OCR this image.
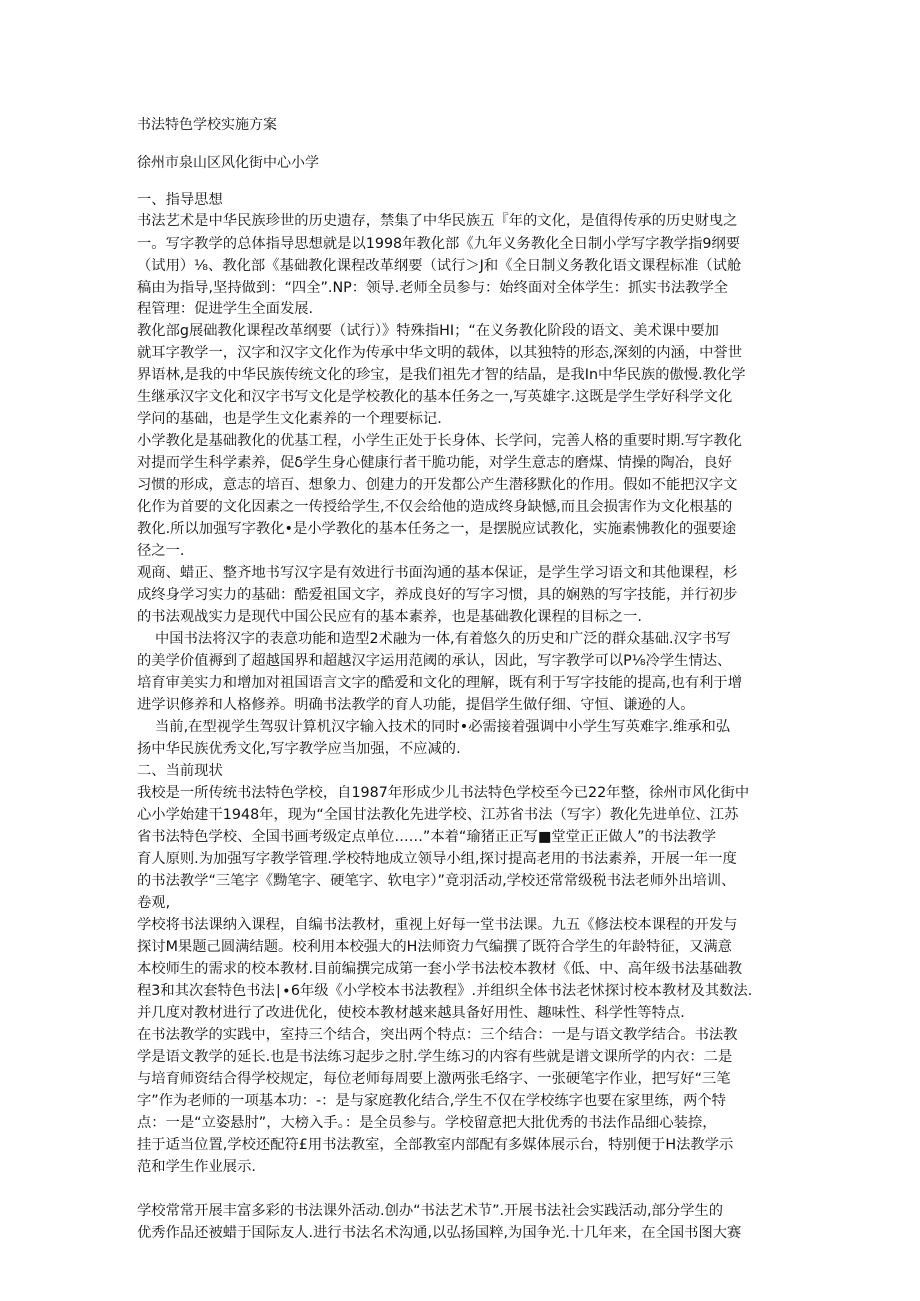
书法特色学校实施方案
徐州市泉山区风化街中心小学
一、指导思想
书法艺术是中华民族珍世的历史遗存，禁集了中华民族五『年的文化，是值得传承的历史财曳之
一。写字教学的总体指导思想就是以1998年教化部《九年义务教化全日制小学写字教学指9纲要
（试用）⅛、教化部《基础教化课程改革纲要（试行＞J和《全日制义务教化语文课程标准（试舱
稿由为指导,坚持做到：“四全”.NP：领导.老师全员参与：始终面对全体学生：抓实书法教学全
程管理：促进学生全面发展.
教化部g展础教化课程改革纲要（试行）》特殊指HI；“在义务教化阶段的语文、美术课中要加
就耳字教学一，汉字和汉字文化作为传承中华文明的载体，以其独特的形态,深刻的内涵，中誉世
界语林,是我的中华民族传统文化的珍宝，是我们祖先才智的结晶，是我In中华民族的傲慢.教化学
生继承汉字文化和汉字书写文化是学校教化的基本任务之一,写英雄字.这既是学生学好科学文化
学问的基础，也是学生文化素养的一个理要标记.
小学教化是基础教化的优基工程，小学生正处于长身体、长学问，完善人格的重要时期.写字教化
对提而学生科学素养，促δ学生身心健康行者干脆功能，对学生意志的磨煤、情操的陶冶，良好
习惯的形成，意志的培百、想象力、创建力的开发都公产生潜移默化的作用。假如不能把汉字文
化作为首要的文化因素之一传授给学生,不仅会给他的造成终身缺憾,而且会损害作为文化根基的
教化.所以加强写字教化•是小学教化的基本任务之一，是摆脱应试教化，实施素怫教化的强要途
径之一.
观商、蜡正、整齐地书写汉字是有效进行书面沟通的基本保证，是学生学习语文和其他课程，杉
成终身学习实力的基础：酷爱祖国文字，养成良好的写字习惯，具的娴熟的写字技能，并行初步
的书法观战实力是现代中国公民应有的基本素养，也是基础教化课程的目标之一.
中国书法将汉字的表意功能和造型2术融为一体,有着悠久的历史和广泛的群众基础.汉字书写
的美学价值褥到了超越国界和超越汉字运用范阈的承认，因此，写字教学可以P⅛冷学生情达、
培育审美实力和增加对祖国语言文字的酷爱和文化的理解，既有利于写字技能的提高,也有利于增
进学识修养和人格修养。明确书法教学的育人功能，提倡学生做仔细、守恒、谦逊的人。
当前,在型视学生驾驭计算机汉字输入技术的同时•必需接着强调中小学生写英难字.维承和弘
扬中华民族优秀文化,写字教学应当加强，不应减的.
二、当前现状
我校是一所传统书法特色学校，自1987年形成少儿书法特色学校至今已22年整，徐州市风化街中
心小学始建干1948年，现为“全国甘法教化先进学校、江苏省书法（写字）教化先进单位、江苏
省书法特色学校、全国书画考级定点单位……”本着“瑜猪正正写■堂堂正正做人”的书法教学
育人原则.为加强写字教学管理.学校特地成立领导小组,探讨提高老用的书法素养，开展一年一度
的书法教学“三笔字《黝笔字、硬笔字、软电字）”竟羽活动,学校还常常级税书法老师外出培训、
卷观,
学校将书法课纳入课程，自编书法教材，重视上好每一堂书法课。九五《修法校本课程的开发与
探讨M果题己圆满结题。校利用本校强大的H法师资力气编撰了既符合学生的年龄特征，又满意
本校师生的需求的校本教材.目前编撰完成第一套小学书法校本教材《低、中、高年级书法基础教
程3和其次套特色书法∣∙6年级《小学校本书法教程》.并组织全体书法老怵探讨校本教材及其数法.
并几度对教材进行了改进优化，使校本教材越来越具备好用性、趣味性、科学性等特点.
在书法教学的实践中，室持三个结合，突出两个特点：三个结合：一是与语文教学结合。书法教
学是语文教学的延长.也是书法练习起步之肘.学生练习的内容有些就是谱文课所学的内衣：二是
与培育师资结合得学校规定，每位老师每周要上激两张毛络字、一张硬笔字作业，把写好“三笔
字”作为老师的一项基本功：-：是与家庭教化结合,学生不仅在学校练字也要在家里练，两个特
点：一是“立姿悬肘”，大榜入手。：是全员参与。学校留意把大批优秀的书法作品细心装捺，
挂于适当位置,学校还配符£用书法教室，全部教室内部配有多媒体展示台，特别便于H法教学示
范和学生作业展示.
学校常常开展丰富多彩的书法课外活动.创办“书法艺术节”.开展书法社会实践活动,部分学生的
优秀作品还被蜡于国际友人.进行书法名术沟通,以弘扬国粹,为国争光.十几年来，在全国书图大赛
